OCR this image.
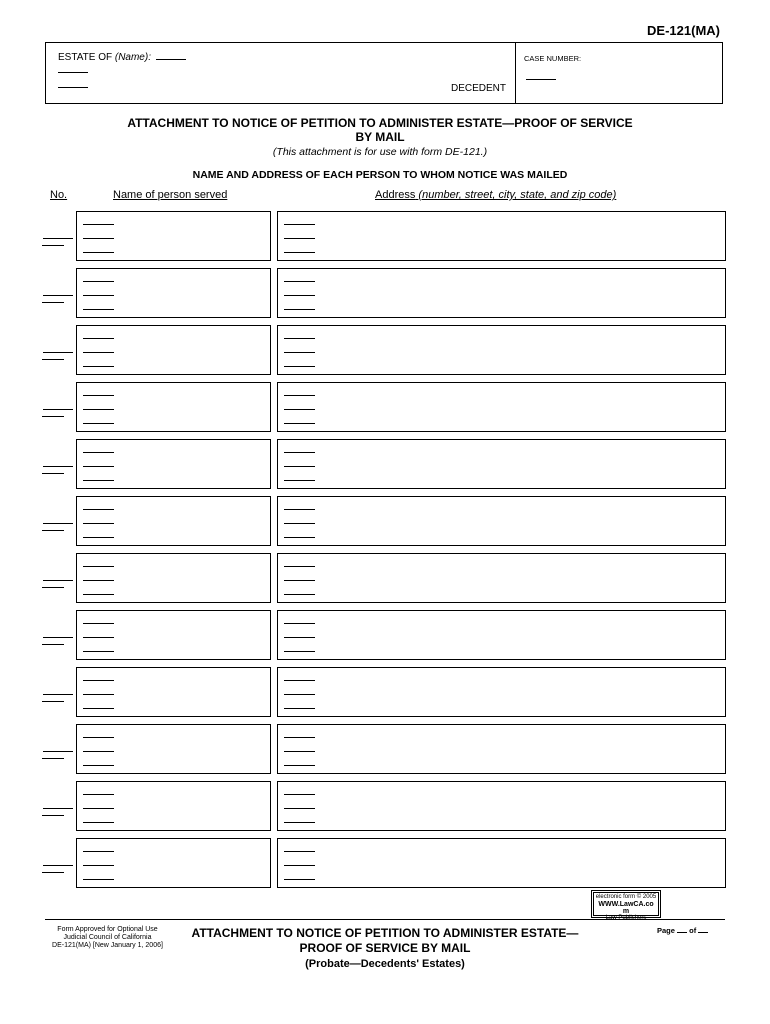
DE-121(MA)
ESTATE OF (Name):
DECEDENT
CASE NUMBER:
ATTACHMENT TO NOTICE OF PETITION TO ADMINISTER ESTATE—PROOF OF SERVICE
BY MAIL
(This attachment is for use with form DE-121.)
NAME AND ADDRESS OF EACH PERSON TO WHOM NOTICE WAS MAILED
No.	Name of person served	Address (number, street, city, state, and zip code)
electronic form © 2005
WWW.LawCA.co
m
Law Publishers
Form Approved for Optional Use
Judicial Council of California
DE-121(MA) [New January 1, 2006]
ATTACHMENT TO NOTICE OF PETITION TO ADMINISTER ESTATE—
PROOF OF SERVICE BY MAIL
(Probate—Decedents' Estates)
Page of
